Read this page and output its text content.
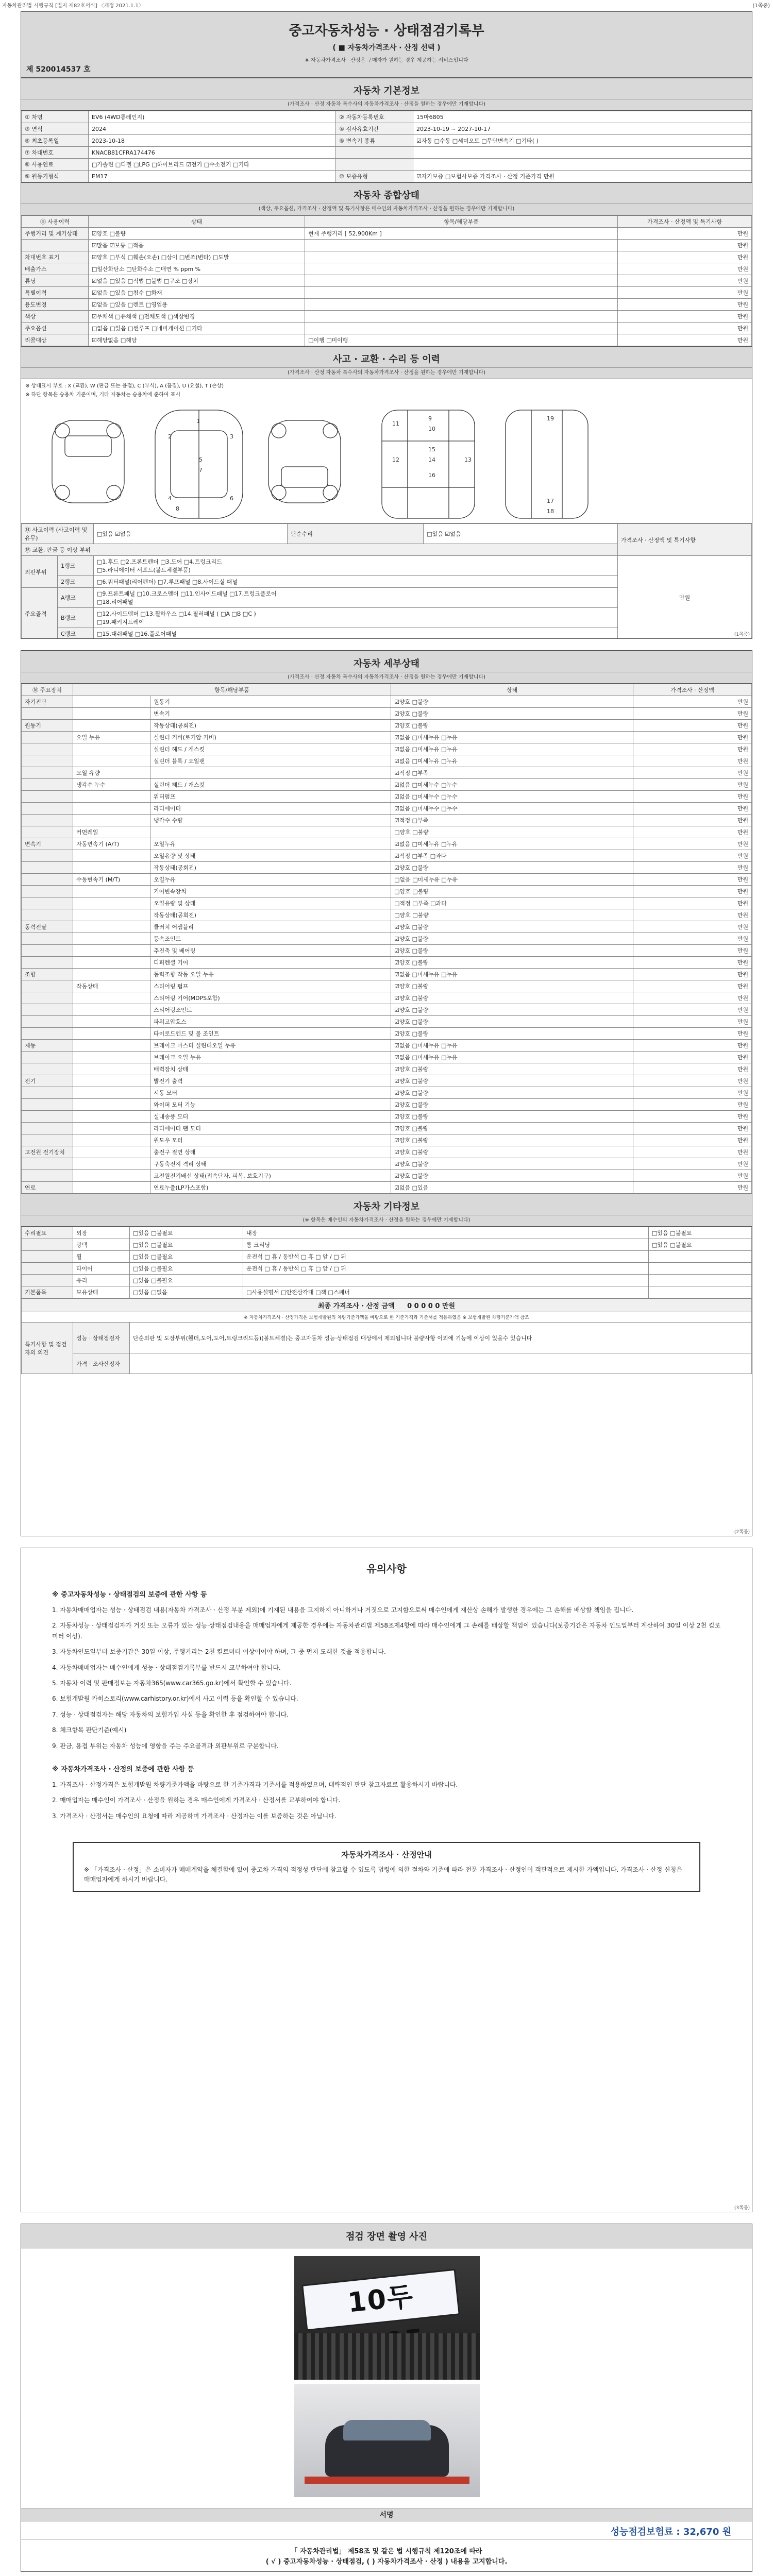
자동차관리법 시행규칙 [별지 제82호서식] 〈개정 2021.1.1〉	(1쪽중)
중고자동차성능 · 상태점검기록부
( ■ 자동차가격조사 · 산정 선택 )
※ 자동차가격조사 · 산정은 구매자가 원하는 경우 제공하는 서비스입니다
제 520014537 호
자동차 기본정보
(가격조사 · 산정 자동차 특수사의 자동차가격조사 · 산정을 원하는 경우에만 기재합니다)
① 차명	EV6 (4WD롱레인지)	② 자동차등록번호	15마6805
③ 연식	2024	④ 검사유효기간	2023-10-19 ~ 2027-10-17
⑤ 최초등록일	2023-10-18	⑥ 변속기 종류	☑자동 □수동 □세미오토 □무단변속기 □기타( )
⑦ 차대번호	KNACB81CFRA174476		
⑧ 사용연료	□가솔린 □디젤 □LPG □하이브리드 ☑전기 □수소전기 □기타		
⑨ 원동기형식	EM17	⑩ 보증유형	☑자가보증 □보험사보증 가격조사 · 산정 기준가격 만원
자동차 종합상태
(색상, 주요옵션, 가격조사 · 산정액 및 특기사항은 매수인의 자동차가격조사 · 산정을 원하는 경우에만 기재합니다)
⑪ 사용이력	상태	항목/해당부품	가격조사 · 산정액 및 특기사항
주행거리 및 계기상태	☑양호 □불량	현재 주행거리 [ 52,900Km ]	만원
	☑많음 ☑보통 □적음		만원
차대번호 표기	☑양호 □부식 □훼손(오손) □상이 □변조(변타) □도말		만원
배출가스	□일산화탄소 □탄화수소 □매연 % ppm %		만원
튜닝	☑없음 □있음 □적법 □불법 □구조 □장치		만원
특별이력	☑없음 □있음 □침수 □화재		만원
용도변경	☑없음 □있음 □렌트 □영업용		만원
색상	☑무채색 □유채색 □전체도색 □색상변경		만원
주요옵션	□없음 □있음 □썬루프 □네비게이션 □기타		만원
리콜대상	☑해당없음 □해당	□이행 □미이행	만원
사고 · 교환 · 수리 등 이력
(가격조사 · 산정 자동차 특수사의 자동차가격조사 · 산정을 원하는 경우에만 기재합니다)
※ 상태표시 부호 : X (교환), W (판금 또는 용접), C (부식), A (흠집), U (요철), T (손상)
※ 하단 항목은 승용차 기준이며, 기타 자동차는 승용차에 준하여 표시
1
2	3
4
5
6
7
8
9
10
11
12	13
14
15
16
17
18
19
⑭ 사고이력 (사고이력 및 유무)		□있음 ☑없음	단순수리	□있음 ☑없음	가격조사 · 산정액 및 특기사항
⑮ 교환, 판금 등 이상 부위					
외판부위	1랭크	□1.후드 □2.프론트펜더 □3.도어 □4.트렁크리드
□5.라디에이터 서포트(볼트체결부품)			만원
	2랭크	□6.쿼터패널(리어펜더) □7.루프패널 □8.사이드실 패널			
주요골격	A랭크	□9.프론트패널 □10.크로스멤버 □11.인사이드패널 □17.트렁크플로어
□18.리어패널			

	B랭크	□12.사이드멤버 □13.휠하우스 □14.필러패널 ( □A □B □C )
□19.패키지트레이			

	C랭크	□15.대쉬패널 □16.플로어패널				(1쪽중)
자동차 세부상태
(가격조사 · 산정 자동차 특수사의 자동차가격조사 · 산정을 원하는 경우에만 기재합니다)
⑯ 주요장치	항목/해당부품		상태	가격조사 · 산정액
자기진단		원동기	☑양호 □불량	만원
		변속기	☑양호 □불량	만원
원동기		작동상태(공회전)	☑양호 □불량	만원
	오일 누유	실린더 커버(로커암 커버)	☑없음 □미세누유 □누유	만원
		실린더 헤드 / 개스킷	☑없음 □미세누유 □누유	만원
		실린더 블록 / 오일팬	☑없음 □미세누유 □누유	만원
	오일 유량		☑적정 □부족	만원
	냉각수 누수	실린더 헤드 / 개스킷	☑없음 □미세누수 □누수	만원
		워터펌프	☑없음 □미세누수 □누수	만원
		라디에이터	☑없음 □미세누수 □누수	만원
		냉각수 수량	☑적정 □부족	만원
	커먼레일		□양호 □불량	만원
변속기	자동변속기 (A/T)	오일누유	☑없음 □미세누유 □누유	만원
		오일유량 및 상태	☑적정 □부족 □과다	만원
		작동상태(공회전)	☑양호 □불량	만원
	수동변속기 (M/T)	오일누유	□없음 □미세누유 □누유	만원
		기어변속장치	□양호 □불량	만원
		오일유량 및 상태	□적정 □부족 □과다	만원
		작동상태(공회전)	□양호 □불량	만원
동력전달		클러치 어셈블리	☑양호 □불량	만원
		등속조인트	☑양호 □불량	만원
		추진축 및 베어링	☑양호 □불량	만원
		디퍼렌셜 기어	☑양호 □불량	만원
조향		동력조향 작동 오일 누유	☑없음 □미세누유 □누유	만원
	작동상태	스티어링 펌프	☑양호 □불량	만원
		스티어링 기어(MDPS포함)	☑양호 □불량	만원
		스티어링조인트	☑양호 □불량	만원
		파워고압호스	☑양호 □불량	만원
		타이로드엔드 및 볼 조인트	☑양호 □불량	만원
제동		브레이크 마스터 실린더오일 누유	☑없음 □미세누유 □누유	만원
		브레이크 오일 누유	☑없음 □미세누유 □누유	만원
		배력장치 상태	☑양호 □불량	만원
전기		발전기 출력	☑양호 □불량	만원
		시동 모터	☑양호 □불량	만원
		와이퍼 모터 기능	☑양호 □불량	만원
		실내송풍 모터	☑양호 □불량	만원
		라디에이터 팬 모터	☑양호 □불량	만원
		윈도우 모터	☑양호 □불량	만원
고전원 전기장치		충전구 절연 상태	☑양호 □불량	만원
		구동축전지 격리 상태	☑양호 □불량	만원
		고전원전기배선 상태(접속단자, 피복, 보호기구)	☑양호 □불량	만원
연료		연료누출(LP가스포함)	☑없음 □있음	만원
자동차 기타정보
(※ 항목은 매수인의 자동차가격조사 · 산정을 원하는 경우에만 기재합니다)
수리필요	외장	□있음 □불필요	내장	□있음 □불필요
	광택	□있음 □불필요	룸 크리닝	□있음 □불필요
	휠	□있음 □불필요	운전석 □ 휴 / 동반석 □ 휴 □ 앞 / □ 뒤	
	타이어	□있음 □불필요	운전석 □ 휴 / 동반석 □ 휴 □ 앞 / □ 뒤	
	유리	□있음 □불필요		
기본품목	보유상태	□있음 □없음	□사용설명서 □안전삼각대 □잭 □스패너	
최종 가격조사 · 산정 금액 0 0 0 0 0 만원		
※ 자동차가격조사 · 산정가격은 보험개발원의 차량기준가액을 바탕으로 한 기준가격과 기준서를 적용하였음 ※ 보험개발원 차량기준가액 참조		
특기사항 및 점검자의 의견	성능 · 상태점검자	단순외판 및 도장부위(휀더,도어,도어,트렁크리드등)(볼트체결)는 중고자동차 성능·상태점검 대상에서 제외됩니다 불량사항 이외에 기능에 이상이 있을수 있습니다
	가격 · 조사산정자	
(2쪽중)
유의사항
※ 중고자동차성능 · 상태점검의 보증에 관한 사항 등
1. 자동차매매업자는 성능 · 상태점검 내용(자동차 가격조사 · 산정 부분 제외)에 기재된 내용을 고지하지 아니하거나 거짓으로 고지함으로써 매수인에게 재산상 손해가 발생한 경우에는 그 손해를 배상할 책임을 집니다.
2. 자동차성능 · 상태점검자가 거짓 또는 오류가 있는 성능·상태점검내용을 매매업자에게 제공한 경우에는 자동차관리법 제58조제4항에 따라 매수인에게 그 손해를 배상할 책임이 있습니다(보증기간은 자동차 인도일부터 계산하여 30일 이상 2천 킬로미터 이상).
3. 자동차인도일부터 보증기간은 30일 이상, 주행거리는 2천 킬로미터 이상이어야 하며, 그 중 먼저 도래한 것을 적용합니다.
4. 자동차매매업자는 매수인에게 성능 · 상태점검기록부를 반드시 교부하여야 합니다.
5. 자동차 이력 및 판매정보는 자동차365(www.car365.go.kr)에서 확인할 수 있습니다.
6. 보험개발원 카히스토리(www.carhistory.or.kr)에서 사고 이력 등을 확인할 수 있습니다.
7. 성능 · 상태점검자는 해당 자동차의 보험가입 사실 등을 확인한 후 점검하여야 합니다.
8. 체크항목 판단기준(예시)
9. 판금, 용접 부위는 자동차 성능에 영향을 주는 주요골격과 외판부위로 구분합니다.
※ 자동차가격조사 · 산정의 보증에 관한 사항 등
1. 가격조사 · 산정가격은 보험개발원 차량기준가액을 바탕으로 한 기준가격과 기준서를 적용하였으며, 대략적인 판단 참고자료로 활용하시기 바랍니다.
2. 매매업자는 매수인이 가격조사 · 산정을 원하는 경우 매수인에게 가격조사 · 산정서를 교부하여야 합니다.
3. 가격조사 · 산정서는 매수인의 요청에 따라 제공하며 가격조사 · 산정자는 이를 보증하는 것은 아닙니다.
자동차가격조사 · 산정안내
※ 「가격조사 · 산정」은 소비자가 매매계약을 체결함에 있어 중고차 가격의 적정성 판단에 참고할 수 있도록 법령에 의한 절차와 기준에 따라 전문 가격조사 · 산정인이 객관적으로 제시한 가액입니다. 가격조사 · 산정 신청은 매매업자에게 하시기 바랍니다.
(3쪽중)
점검 장면 촬영 사진
10두
서명
성능점검보험료 : 32,670 원
「 자동차관리법」 제58조 및 같은 법 시행규칙 제120조에 따라
( √ ) 중고자동차성능 · 상태점검, ( ) 자동차가격조사 · 산정 ) 내용을 고지합니다.
